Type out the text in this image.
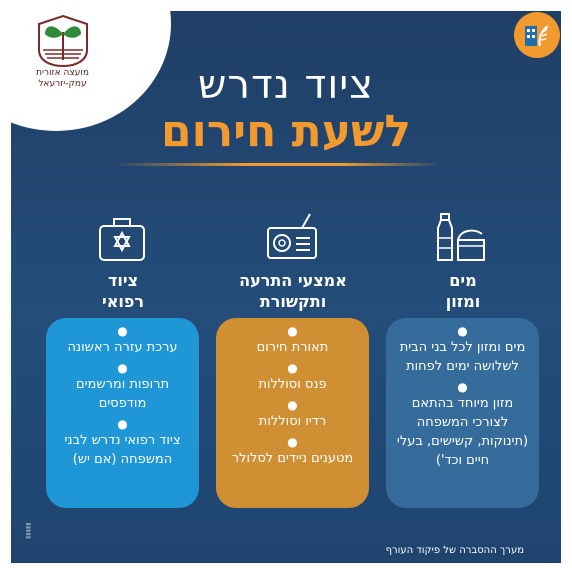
▮▮▮▮▮
מועצה אזורית
עמק-יזרעאל	ציוד נדרש
לשעת חירום
ציוד
רפואי
●
ערכת עזרה ראשונה
●
תרופות ומרשמים מודפסים
●
ציוד רפואי נדרש לבני המשפחה (אם יש)
אמצעי התרעה
ותקשורת
●
תאורת חירום
●
פנס וסוללות
●
רדיו וסוללות
●
מטענים ניידים לסלולר
מים
ומזון
●
מים ומזון לכל בני הבית לשלושה ימים לפחות
●
מזון מיוחד בהתאם לצורכי המשפחה (תינוקות, קשישים, בעלי חיים וכד')
מערך ההסברה של פיקוד העורף
